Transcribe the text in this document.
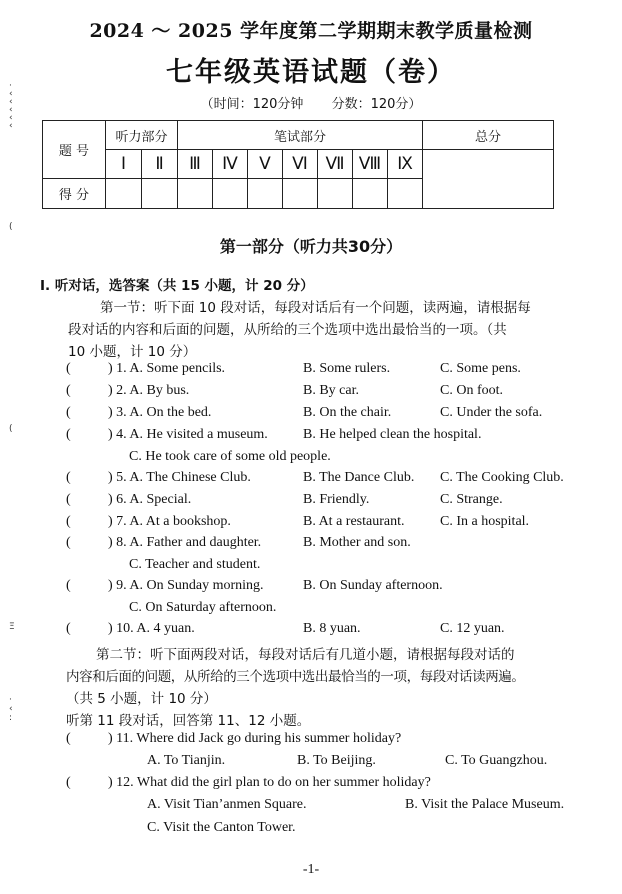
·
‹
‹
‹
‹
‹
(
(
Ξ
·
‹
:
2024 ～ 2025 学年度第二学期期末教学质量检测
七年级英语试题（卷）
（时间：120分钟 分数：120分）
题 号	听力部分		笔试部分							总分
	Ⅰ	Ⅱ	Ⅲ	Ⅳ	Ⅴ	Ⅵ	Ⅶ	Ⅷ	Ⅸ	
得 分										
第一部分（听力共30分）
Ⅰ. 听对话，选答案（共 15 小题，计 20 分）
第一节：听下面 10 段对话，每段对话后有一个问题，读两遍，请根据每
段对话的内容和后面的问题，从所给的三个选项中选出最恰当的一项。（共
10 小题，计 10 分）
(	) 1. A. Some pencils.	B. Some rulers.	C. Some pens.
(	) 2. A. By bus.	B. By car.	C. On foot.
(	) 3. A. On the bed.	B. On the chair.	C. Under the sofa.
(	) 4. A. He visited a museum.	B. He helped clean the hospital.
C. He took care of some old people.
(	) 5. A. The Chinese Club.	B. The Dance Club. C. The Cooking Club.
(	) 6. A. Special.	B. Friendly.	C. Strange.
(	) 7. A. At a bookshop.	B. At a restaurant.	C. In a hospital.
(	) 8. A. Father and daughter.	B. Mother and son.
C. Teacher and student.
(	) 9. A. On Sunday morning.	B. On Sunday afternoon.
C. On Saturday afternoon.
(	) 10. A. 4 yuan.	B. 8 yuan.	C. 12 yuan.
第二节：听下面两段对话，每段对话后有几道小题，请根据每段对话的
内容和后面的问题，从所给的三个选项中选出最恰当的一项，每段对话读两遍。
（共 5 小题，计 10 分）
听第 11 段对话，回答第 11、12 小题。
(	) 11. Where did Jack go during his summer holiday?
A. To Tianjin.	B. To Beijing.	C. To Guangzhou.
(	) 12. What did the girl plan to do on her summer holiday?
A. Visit Tian’anmen Square.	B. Visit the Palace Museum.
C. Visit the Canton Tower.
-1-
